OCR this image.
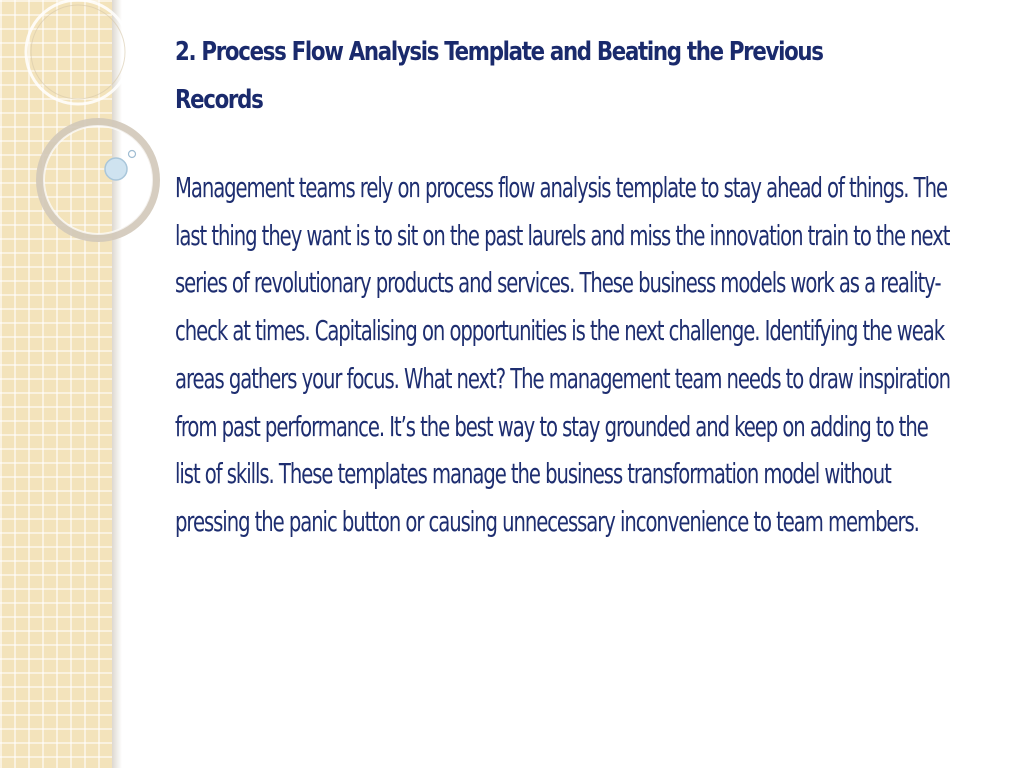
2. Process Flow Analysis Template and Beating the Previous Records

Management teams rely on process flow analysis template to stay ahead of things. The last thing they want is to sit on the past laurels and miss the innovation train to the next series of revolutionary products and services. These business models work as a reality-check at times. Capitalising on opportunities is the next challenge. Identifying the weak areas gathers your focus. What next? The management team needs to draw inspiration from past performance. It’s the best way to stay grounded and keep on adding to the list of skills. These templates manage the business transformation model without pressing the panic button or causing unnecessary inconvenience to team members.
